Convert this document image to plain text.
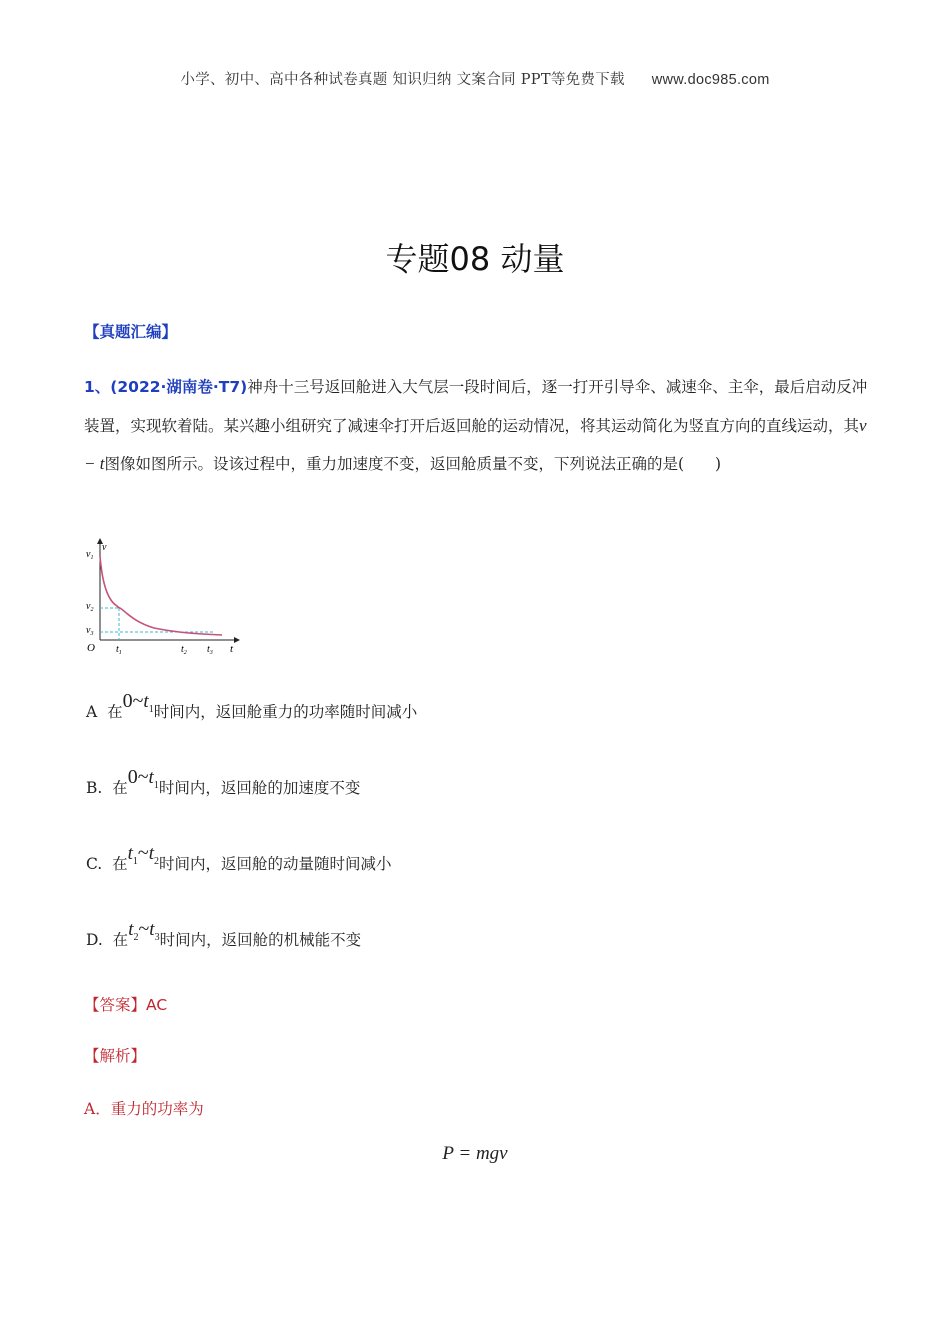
小学、初中、高中各种试卷真题 知识归纳 文案合同 PPT等免费下载 www.doc985.com
专题08 动量
【真题汇编】
1、(2022·湖南卷·T7)神舟十三号返回舱进入大气层一段时间后，逐一打开引导伞、减速伞、主伞，最后启动反冲装置，实现软着陆。某兴趣小组研究了减速伞打开后返回舱的运动情况，将其运动简化为竖直方向的直线运动，其v − t图像如图所示。设该过程中，重力加速度不变，返回舱质量不变，下列说法正确的是(　　)
$v_1$
v
$v_2$
$v_3$
O $t_1$	$t_2$ $t_3$ t
A 在$0\sim t_1$时间内，返回舱重力的功率随时间减小
B. 在$0\sim t_1$时间内，返回舱的加速度不变
C. 在$t_1\sim t_2$时间内，返回舱的动量随时间减小
D. 在$t_2\sim t_3$时间内，返回舱的机械能不变
【答案】AC
【解析】
A．重力的功率为
P = mgv
